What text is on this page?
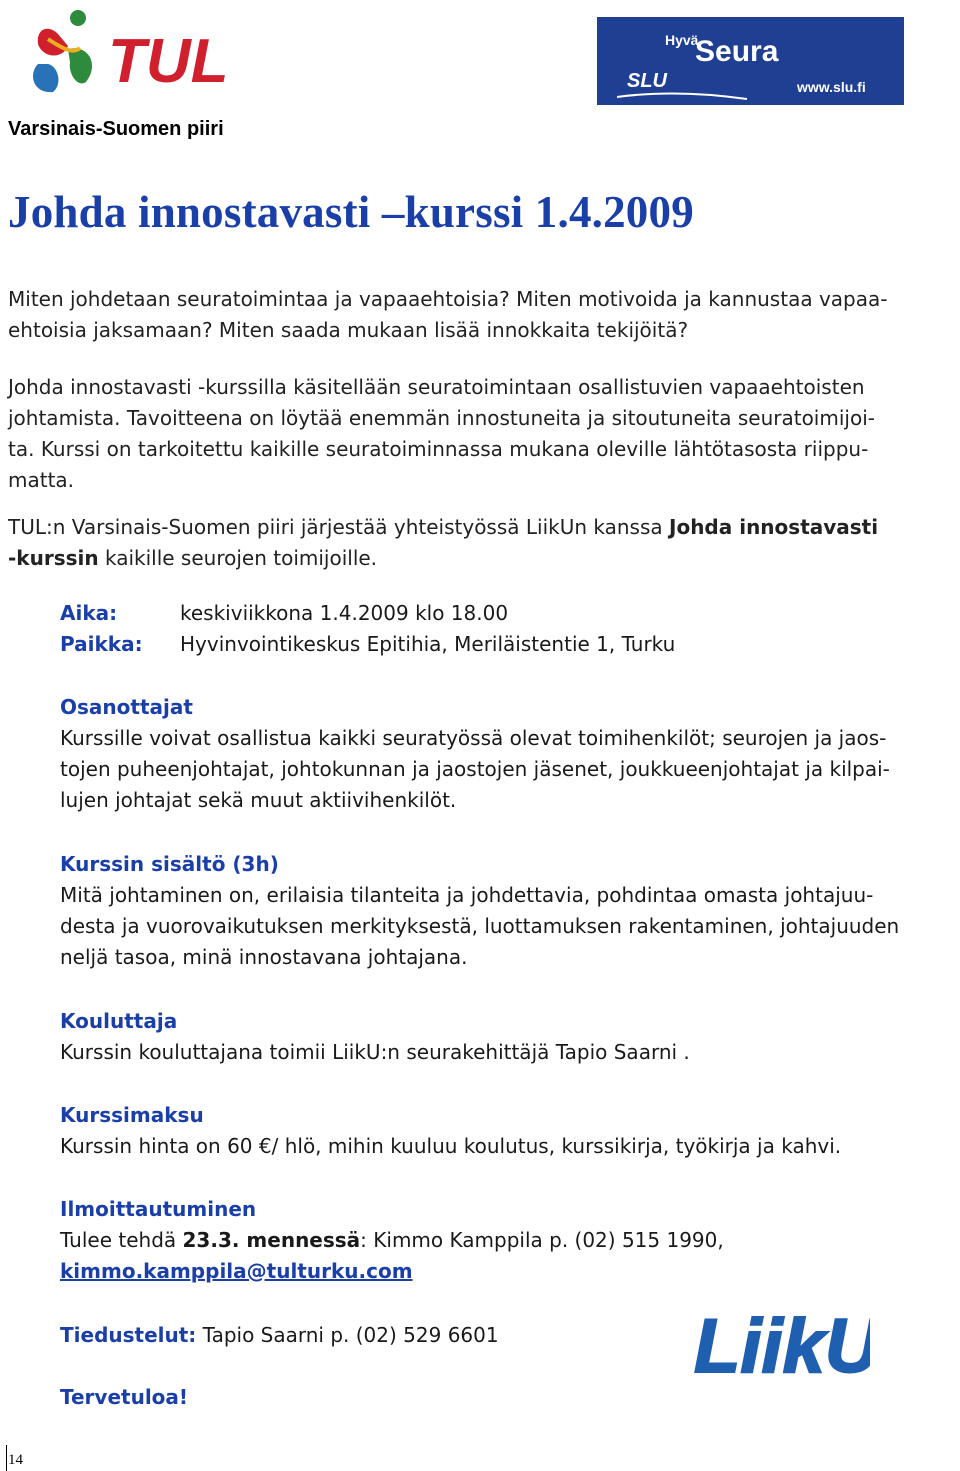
TUL	Hyvä
Seura
SLU	www.slu.fi
Varsinais-Suomen piiri
Johda innostavasti –kurssi 1.4.2009

Miten johdetaan seuratoimintaa ja vapaaehtoisia? Miten motivoida ja kannustaa vapaa-

ehtoisia jaksamaan? Miten saada mukaan lisää innokkaita tekijöitä?

Johda innostavasti -kurssilla käsitellään seuratoimintaan osallistuvien vapaaehtoisten

johtamista. Tavoitteena on löytää enemmän innostuneita ja sitoutuneita seuratoimijoi-

ta. Kurssi on tarkoitettu kaikille seuratoiminnassa mukana oleville lähtötasosta riippu-

matta.

TUL:n Varsinais-Suomen piiri järjestää yhteistyössä LiikUn kanssa Johda innostavasti

-kurssin kaikille seurojen toimijoille.

Aika:	keskiviikkona 1.4.2009 klo 18.00
Paikka:	Hyvinvointikeskus Epitihia, Meriläistentie 1, Turku

Osanottajat

Kurssille voivat osallistua kaikki seuratyössä olevat toimihenkilöt; seurojen ja jaos-

tojen puheenjohtajat, johtokunnan ja jaostojen jäsenet, joukkueenjohtajat ja kilpai-

lujen johtajat sekä muut aktiivihenkilöt.

Kurssin sisältö (3h)

Mitä johtaminen on, erilaisia tilanteita ja johdettavia, pohdintaa omasta johtajuu-

desta ja vuorovaikutuksen merkityksestä, luottamuksen rakentaminen, johtajuuden

neljä tasoa, minä innostavana johtajana.

Kouluttaja

Kurssin kouluttajana toimii LiikU:n seurakehittäjä Tapio Saarni .

Kurssimaksu

Kurssin hinta on 60 €/ hlö, mihin kuuluu koulutus, kurssikirja, työkirja ja kahvi.

Ilmoittautuminen

Tulee tehdä 23.3. mennessä: Kimmo Kamppila p. (02) 515 1990,

kimmo.kamppila@tulturku.com

Tiedustelut: Tapio Saarni p. (02) 529 6601

Tervetuloa!
LiikU
14
